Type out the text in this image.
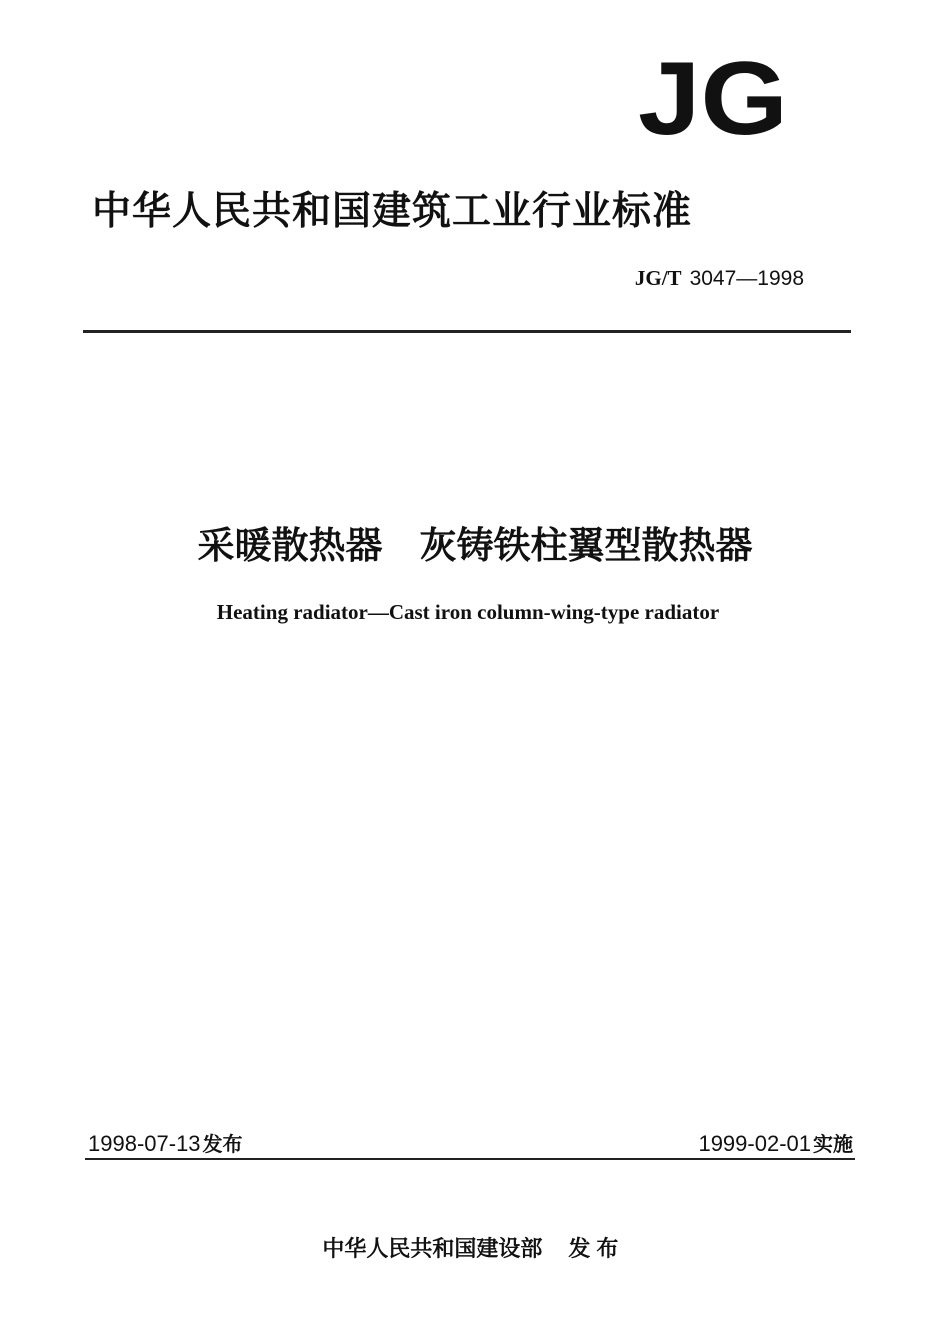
JG
中华人民共和国建筑工业行业标准
JG/T 3047—1998
采暖散热器　灰铸铁柱翼型散热器
Heating radiator—Cast iron column-wing-type radiator
1998-07-13 发布	1999-02-01 实施

中华人民共和国建设部 发布
